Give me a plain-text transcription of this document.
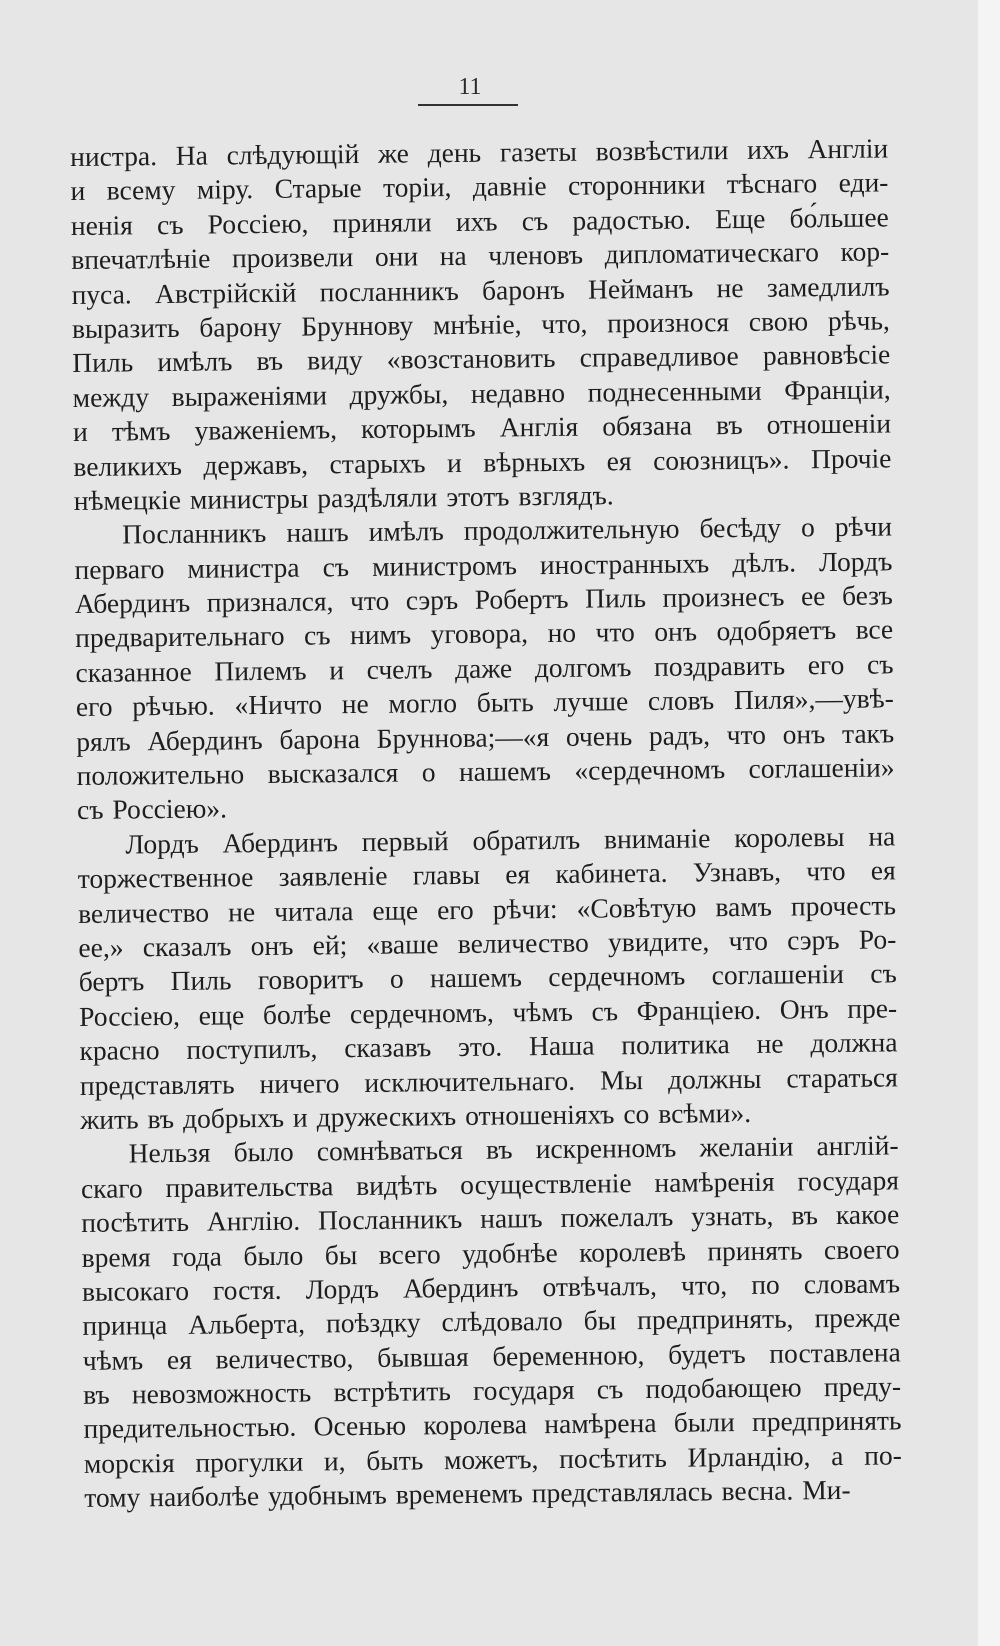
11
нистра. На слѣдующій же день газеты возвѣстили ихъ Англіи
и всему міру. Старые торіи, давніе сторонники тѣснаго еди-
ненія съ Россіею, приняли ихъ съ радостью. Еще бо́льшее
впечатлѣніе произвели они на членовъ дипломатическаго кор-
пуса. Австрійскій посланникъ баронъ Нейманъ не замедлилъ
выразить барону Бруннову мнѣніе, что, произнося свою рѣчь,
Пиль имѣлъ въ виду «возстановить справедливое равновѣсіе
между выраженіями дружбы, недавно поднесенными Франціи,
и тѣмъ уваженіемъ, которымъ Англія обязана въ отношеніи
великихъ державъ, старыхъ и вѣрныхъ ея союзницъ». Прочіе
нѣмецкіе министры раздѣляли этотъ взглядъ.
Посланникъ нашъ имѣлъ продолжительную бесѣду о рѣчи
перваго министра съ министромъ иностранныхъ дѣлъ. Лордъ
Абердинъ признался, что сэръ Робертъ Пиль произнесъ ее безъ
предварительнаго съ нимъ уговора, но что онъ одобряетъ все
сказанное Пилемъ и счелъ даже долгомъ поздравить его съ
его рѣчью. «Ничто не могло быть лучше словъ Пиля»,—увѣ-
рялъ Абердинъ барона Бруннова;—«я очень радъ, что онъ такъ
положительно высказался о нашемъ «сердечномъ соглашеніи»
съ Россіею».
Лордъ Абердинъ первый обратилъ вниманіе королевы на
торжественное заявленіе главы ея кабинета. Узнавъ, что ея
величество не читала еще его рѣчи: «Совѣтую вамъ прочесть
ее,» сказалъ онъ ей; «ваше величество увидите, что сэръ Ро-
бертъ Пиль говоритъ о нашемъ сердечномъ соглашеніи съ
Россіею, еще болѣе сердечномъ, чѣмъ съ Франціею. Онъ пре-
красно поступилъ, сказавъ это. Наша политика не должна
представлять ничего исключительнаго. Мы должны стараться
жить въ добрыхъ и дружескихъ отношеніяхъ со всѣми».
Нельзя было сомнѣваться въ искренномъ желаніи англій-
скаго правительства видѣть осуществленіе намѣренія государя
посѣтить Англію. Посланникъ нашъ пожелалъ узнать, въ какое
время года было бы всего удобнѣе королевѣ принять своего
высокаго гостя. Лордъ Абердинъ отвѣчалъ, что, по словамъ
принца Альберта, поѣздку слѣдовало бы предпринять, прежде
чѣмъ ея величество, бывшая беременною, будетъ поставлена
въ невозможность встрѣтить государя съ подобающею преду-
предительностью. Осенью королева намѣрена были предпринять
морскія прогулки и, быть можетъ, посѣтить Ирландію, а по-
тому наиболѣе удобнымъ временемъ представлялась весна. Ми-
